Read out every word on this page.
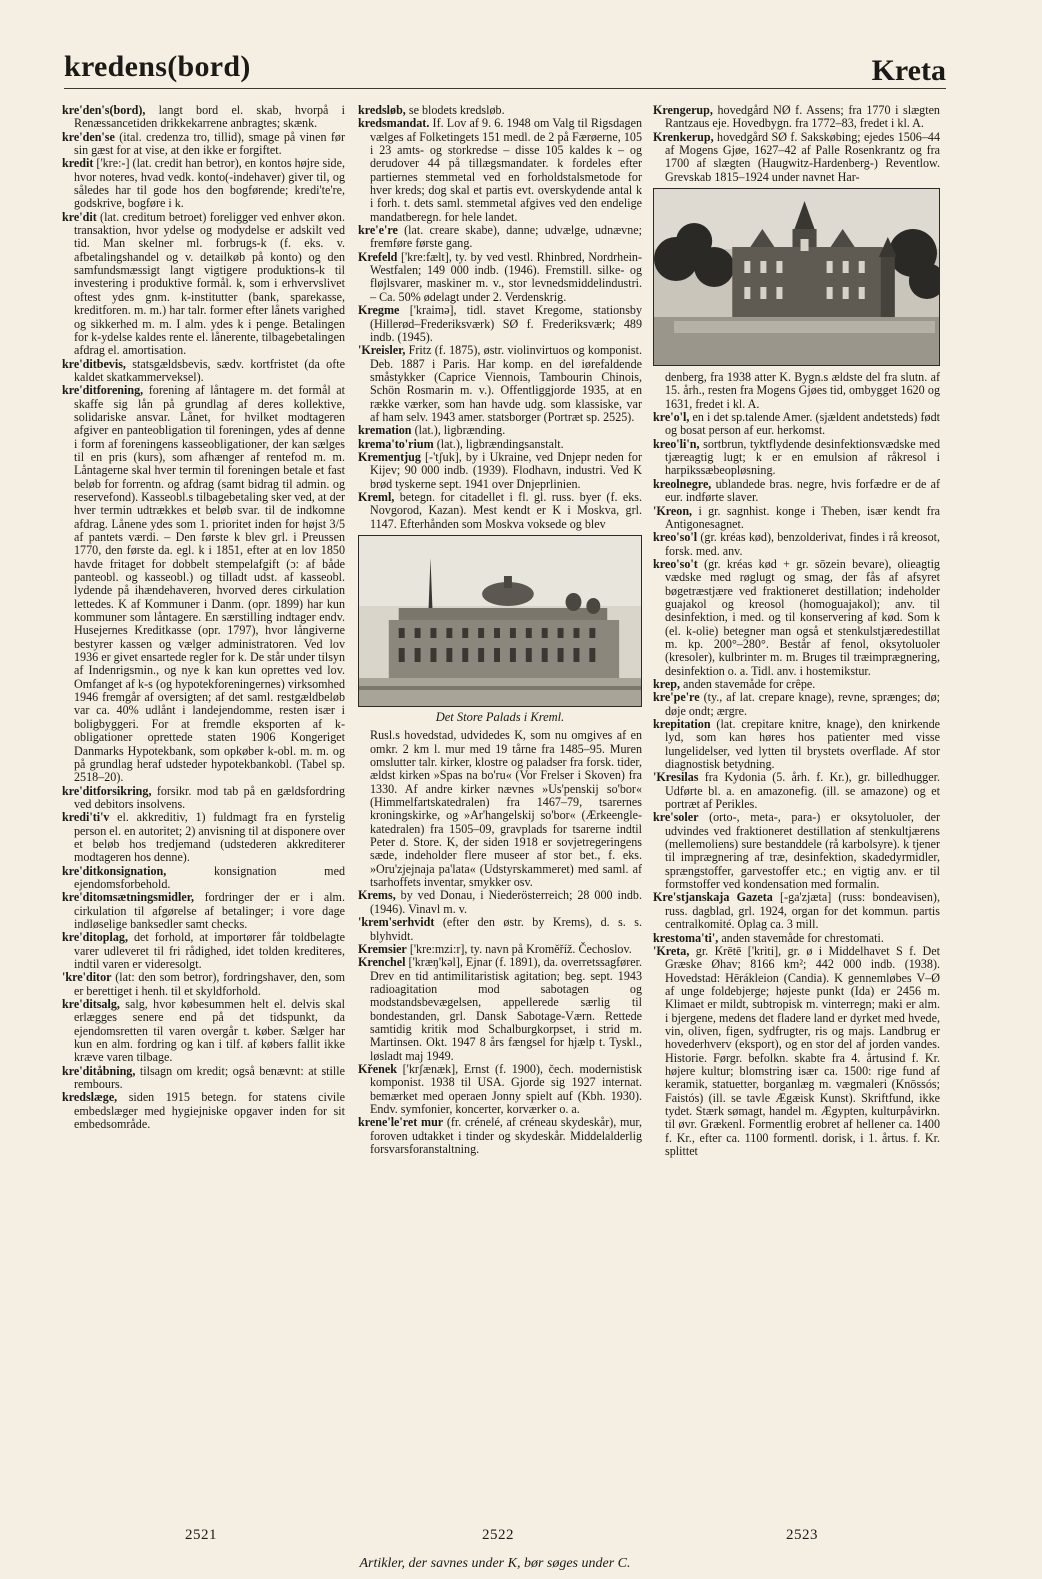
kredens(bord)	Kreta

kre'den's(bord), langt bord el. skab, hvorpå i Renæssancetiden drikkekarrene anbragtes; skænk.

kre'den'se (ital. credenza tro, tillid), smage på vinen før sin gæst for at vise, at den ikke er forgiftet.

kredit ['kre:-] (lat. credit han betror), en kontos højre side, hvor noteres, hvad vedk. konto(-indehaver) giver til, og således har til gode hos den bogførende; kredi'te're, godskrive, bogføre i k.

kre'dit (lat. creditum betroet) foreligger ved enhver økon. transaktion, hvor ydelse og modydelse er adskilt ved tid. Man skelner ml. forbrugs-k (f. eks. v. afbetalingshandel og v. detailkøb på konto) og den samfundsmæssigt langt vigtigere produktions-k til investering i produktive formål. k, som i erhvervslivet oftest ydes gnm. k-institutter (bank, sparekasse, kreditforen. m. m.) har talr. former efter lånets varighed og sikkerhed m. m. I alm. ydes k i penge. Betalingen for k-ydelse kaldes rente el. lånerente, tilbagebetalingen afdrag el. amortisation.

kre'ditbevis, statsgældsbevis, sædv. kortfristet (da ofte kaldet skatkammerveksel).

kre'ditforening, forening af låntagere m. det formål at skaffe sig lån på grundlag af deres kollektive, solidariske ansvar. Lånet, for hvilket modtageren afgiver en panteobligation til foreningen, ydes af denne i form af foreningens kasseobligationer, der kan sælges til en pris (kurs), som afhænger af rentefod m. m. Låntagerne skal hver termin til foreningen betale et fast beløb for forrentn. og afdrag (samt bidrag til admin. og reservefond). Kasseobl.s tilbagebetaling sker ved, at der hver termin udtrækkes et beløb svar. til de indkomne afdrag. Lånene ydes som 1. prioritet inden for højst 3/5 af pantets værdi. – Den første k blev grl. i Preussen 1770, den første da. egl. k i 1851, efter at en lov 1850 havde fritaget for dobbelt stempelafgift (ɔ: af både panteobl. og kasseobl.) og tilladt udst. af kasseobl. lydende på ihændehaveren, hvorved deres cirkulation lettedes. K af Kommuner i Danm. (opr. 1899) har kun kommuner som låntagere. En særstilling indtager endv. Husejernes Kreditkasse (opr. 1797), hvor långiverne bestyrer kassen og vælger administratoren. Ved lov 1936 er givet ensartede regler for k. De står under tilsyn af Indenrigsmin., og nye k kan kun oprettes ved lov. Omfanget af k-s (og hypotekforeningernes) virksomhed 1946 fremgår af oversigten; af det saml. restgældbeløb var ca. 40% udlånt i landejendomme, resten især i boligbyggeri. For at fremdle eksporten af k-obligationer oprettede staten 1906 Kongeriget Danmarks Hypotekbank, som opkøber k-obl. m. m. og på grundlag heraf udsteder hypotekbankobl. (Tabel sp. 2518–20).

kre'ditforsikring, forsikr. mod tab på en gældsfordring ved debitors insolvens.

kredi'ti'v el. akkreditiv, 1) fuldmagt fra en fyrstelig person el. en autoritet; 2) anvisning til at disponere over et beløb hos tredjemand (udstederen akkrediterer modtageren hos denne).

kre'ditkonsignation,	konsignation med ejendomsforbehold.

kre'ditomsætningsmidler, fordringer der er i alm. cirkulation til afgørelse af betalinger; i vore dage indløselige banksedler samt checks.

kre'ditoplag, det forhold, at importører får toldbelagte varer udleveret til fri rådighed, idet tolden krediteres, indtil varen er videresolgt.

'kre'ditor (lat: den som betror), fordringshaver, den, som er berettiget i henh. til et skyldforhold.

kre'ditsalg, salg, hvor købesummen helt el. delvis skal erlægges senere end på det tidspunkt, da ejendomsretten til varen overgår t. køber. Sælger har kun en alm. fordring og kan i tilf. af købers fallit ikke kræve varen tilbage.

kre'ditåbning, tilsagn om kredit; også benævnt: at stille rembours.

kredslæge, siden 1915 betegn. for statens civile embedslæger med hygiejniske opgaver inden for sit embedsområde.

kredsløb, se blodets kredsløb.

kredsmandat. If. Lov af 9. 6. 1948 om Valg til Rigsdagen vælges af Folketingets 151 medl. de 2 på Færøerne, 105 i 23 amts- og storkredse – disse 105 kaldes k – og derudover 44 på tillægsmandater. k fordeles efter partiernes stemmetal ved en forholdstalsmetode for hver kreds; dog skal et partis evt. overskydende antal k i forh. t. dets saml. stemmetal afgives ved den endelige mandatberegn. for hele landet.

kre'e're (lat. creare skabe), danne; udvælge, udnævne; fremføre første gang.

Krefeld ['kre:fælt], ty. by ved vestl. Rhinbred, Nordrhein-Westfalen; 149 000 indb. (1946). Fremstill. silke- og fløjlsvarer, maskiner m. v., stor levnedsmiddelindustri. – Ca. 50% ødelagt under 2. Verdenskrig.

Kregme ['kraimə], tidl. stavet Kregome, stationsby (Hillerød–Frederiksværk) SØ f. Frederiksværk; 489 indb. (1945).

'Kreisler, Fritz (f. 1875), østr. violinvirtuos og komponist. Deb. 1887 i Paris. Har komp. en del iørefaldende småstykker (Caprice Viennois, Tambourin Chinois, Schön Rosmarin m. v.). Offentliggjorde 1935, at en række værker, som han havde udg. som klassiske, var af ham selv. 1943 amer. statsborger (Portræt sp. 2525).

kremation (lat.), ligbrænding.

krema'to'rium (lat.), ligbrændingsanstalt.

Krementjug [-'tʃuk], by i Ukraine, ved Dnjepr neden for Kijev; 90 000 indb. (1939). Flodhavn, industri. Ved K brød tyskerne sept. 1941 over Dnjeprlinien.

Kreml, betegn. for citadellet i fl. gl. russ. byer (f. eks. Novgorod, Kazan). Mest kendt er K i Moskva, grl. 1147. Efterhånden som Moskva voksede og blev

Det Store Palads i Kreml.

Rusl.s hovedstad, udvidedes K, som nu omgives af en omkr. 2 km l. mur med 19 tårne fra 1485–95. Muren omslutter talr. kirker, klostre og paladser fra forsk. tider, ældst kirken »Spas na bo'ru« (Vor Frelser i Skoven) fra 1330. Af andre kirker nævnes »Us'penskij so'bor« (Himmelfartskatedralen) fra 1467–79, tsarernes kroningskirke, og »Ar'hangelskij so'bor« (Ærkeengle-katedralen) fra 1505–09, gravplads for tsarerne indtil Peter d. Store. K, der siden 1918 er sovjetregeringens sæde, indeholder flere museer af stor bet., f. eks. »Oru'zjejnaja pa'lata« (Udstyrskammeret) med saml. af tsarhoffets inventar, smykker osv.

Krems, by ved Donau, i Niederösterreich; 28 000 indb. (1946). Vinavl m. v.

'krem'serhvidt (efter den østr. by Krems), d. s. s. blyhvidt.

Kremsier ['kre:mzi:r], ty. navn på Kroměříž. Čechoslov.

Krenchel ['kræŋ'kəl], Ejnar (f. 1891), da. overretssagfører. Drev en tid antimilitaristisk agitation; beg. sept. 1943 radioagitation mod sabotagen og modstandsbevægelsen, appellerede særlig til bondestanden, grl. Dansk Sabotage-Værn. Rettede samtidig kritik mod Schalburgkorpset, i strid m. Martinsen. Okt. 1947 8 års fængsel for hjælp t. Tyskl., løsladt maj 1949.

Křenek ['krʃænæk], Ernst (f. 1900), čech. modernistisk komponist. 1938 til USA. Gjorde sig 1927 internat. bemærket med operaen Jonny spielt auf (Kbh. 1930). Endv. symfonier, koncerter, korværker o. a.

krene'le'ret mur (fr. crénelé, af créneau skydeskår), mur, foroven udtakket i tinder og skydeskår. Middelalderlig forsvarsforanstaltning.

Krengerup, hovedgård NØ f. Assens; fra 1770 i slægten Rantzaus eje. Hovedbygn. fra 1772–83, fredet i kl. A.

Krenkerup, hovedgård SØ f. Sakskøbing; ejedes 1506–44 af Mogens Gjøe, 1627–42 af Palle Rosenkrantz og fra 1700 af slægten (Haugwitz-Hardenberg-) Reventlow. Grevskab 1815–1924 under navnet Har-

denberg, fra 1938 atter K. Bygn.s ældste del fra slutn. af 15. årh., resten fra Mogens Gjøes tid, ombygget 1620 og 1631, fredet i kl. A.

kre'o'l, en i det sp.talende Amer. (sjældent andetsteds) født og bosat person af eur. herkomst.

kreo'li'n, sortbrun, tyktflydende desinfektionsvædske med tjæreagtig lugt; k er en emulsion af råkresol i harpikssæbeopløsning.

kreolnegre, ublandede bras. negre, hvis forfædre er de af eur. indførte slaver.

'Kreon, i gr. sagnhist. konge i Theben, især kendt fra Antigonesagnet.

kreo'so'l (gr. kréas kød), benzolderivat, findes i rå kreosot, forsk. med. anv.

kreo'so't (gr. kréas kød + gr. sōzein bevare), olieagtig vædske med røglugt og smag, der fås af afsyret bøgetræstjære ved fraktioneret destillation; indeholder guajakol og kreosol (homoguajakol); anv. til desinfektion, i med. og til konservering af kød. Som k (el. k-olie) betegner man også et stenkulstjæredestillat m. kp. 200°–280°. Består af fenol, oksytoluoler (kresoler), kulbrinter m. m. Bruges til træimprægnering, desinfektion o. a. Tidl. anv. i hostemikstur.

krep, anden stavemåde for crêpe.

kre'pe're (ty., af lat. crepare knage), revne, sprænges; dø; døje ondt; ærgre.

krepitation (lat. crepitare knitre, knage), den knirkende lyd, som kan høres hos patienter med visse lungelidelser, ved lytten til brystets overflade. Af stor diagnostisk betydning.

'Kresilas fra Kydonia (5. årh. f. Kr.), gr. billedhugger. Udførte bl. a. en amazonefig. (ill. se amazone) og et portræt af Perikles.

kre'soler (orto-, meta-, para-) er oksytoluoler, der udvindes ved fraktioneret destillation af stenkultjærens (mellemoliens) sure bestanddele (rå karbolsyre). k tjener til imprægnering af træ, desinfektion, skadedyrmidler, sprængstoffer, garvestoffer etc.; en vigtig anv. er til formstoffer ved kondensation med formalin.

Kre'stjanskaja Gazeta [-ga'zjæta] (russ: bondeavisen), russ. dagblad, grl. 1924, organ for det kommun. partis centralkomité. Oplag ca. 3 mill.

krestoma'ti', anden stavemåde for chrestomati.

'Kreta, gr. Krētē ['kriti], gr. ø i Middelhavet S f. Det Græske Øhav; 8166 km²; 442 000 indb. (1938). Hovedstad: Hērákleion (Candia). K gennemløbes V–Ø af unge foldebjerge; højeste punkt (Ida) er 2456 m. Klimaet er mildt, subtropisk m. vinterregn; maki er alm. i bjergene, medens det fladere land er dyrket med hvede, vin, oliven, figen, sydfrugter, ris og majs. Landbrug er hovederhverv (eksport), og en stor del af jorden vandes. Historie. Førgr. befolkn. skabte fra 4. årtusind f. Kr. højere kultur; blomstring især ca. 1500: rige fund af keramik, statuetter, borganlæg m. vægmaleri (Knōssós; Faistós) (ill. se tavle Ægæisk Kunst). Skriftfund, ikke tydet. Stærk sømagt, handel m. Ægypten, kulturpåvirkn. til øvr. Grækenl. Formentlig erobret af hellener ca. 1400 f. Kr., efter ca. 1100 formentl. dorisk, i 1. årtus. f. Kr. splittet

2521	2522	2523
Artikler, der savnes under K, bør søges under C.
